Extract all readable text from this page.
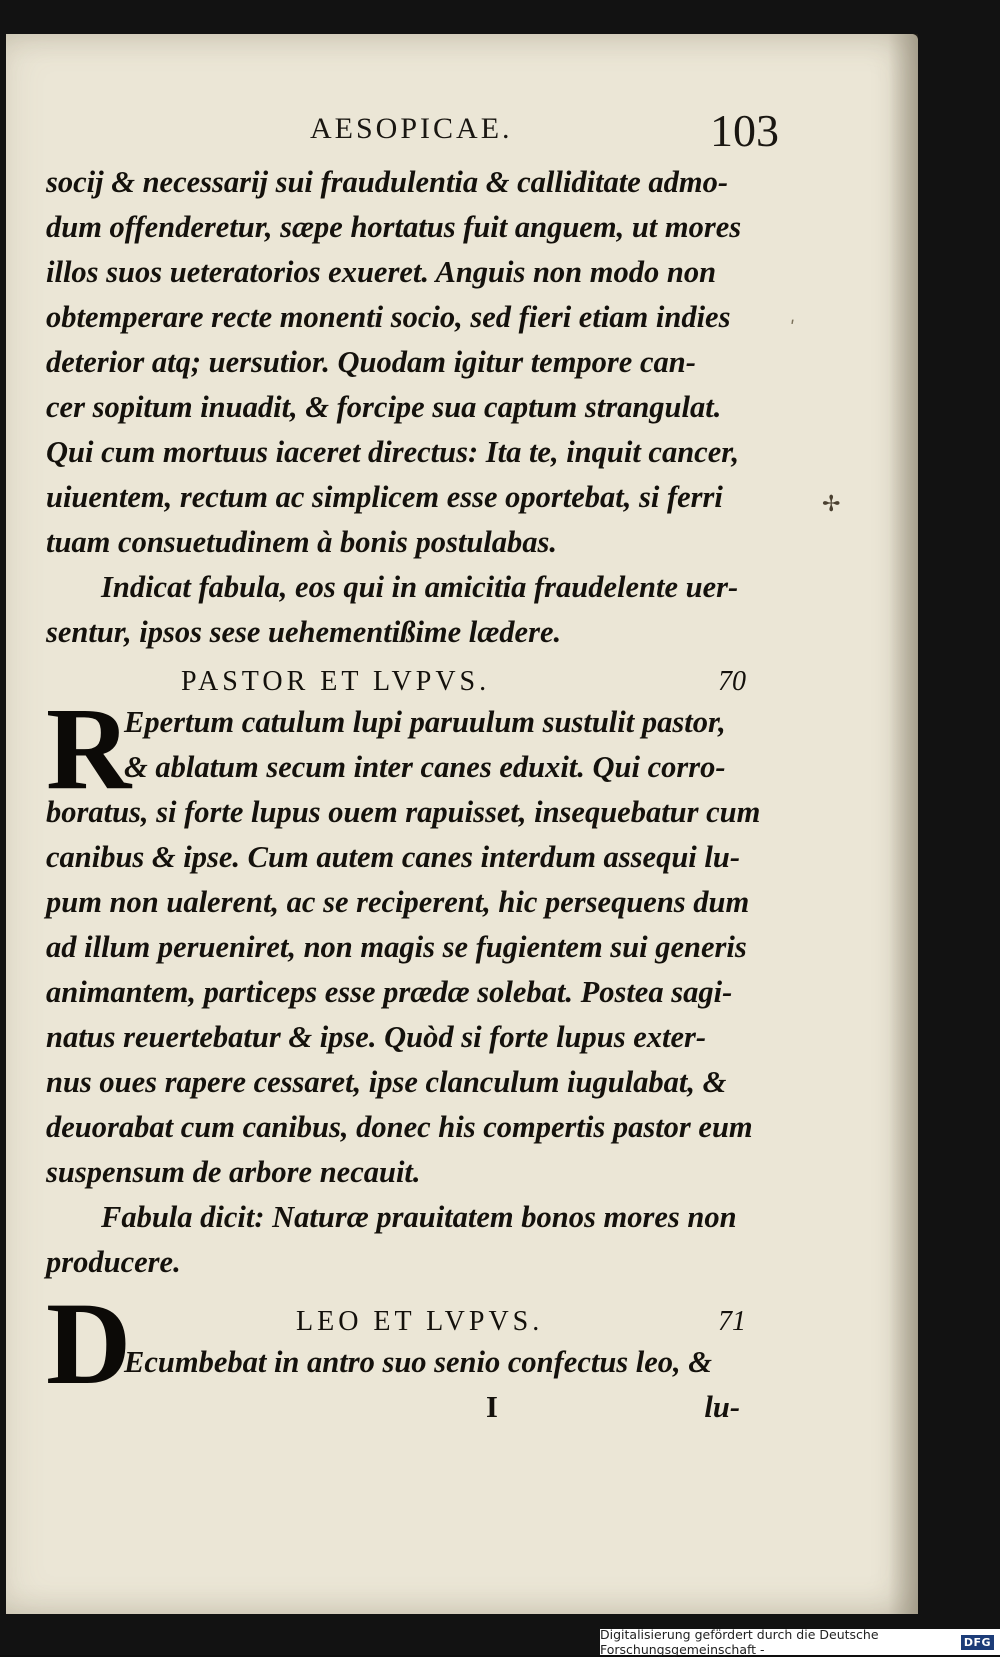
AESOPICAE.	103
ʹ
✢
socij & necessarij sui fraudulentia & calliditate admo-
dum offenderetur, sæpe hortatus fuit anguem, ut mores
illos suos ueteratorios exueret. Anguis non modo non
obtemperare recte monenti socio, sed fieri etiam indies
deterior atq; uersutior. Quodam igitur tempore can-
cer sopitum inuadit, & forcipe sua captum strangulat.
Qui cum mortuus iaceret directus: Ita te, inquit cancer,
uiuentem, rectum ac simplicem esse oportebat, si ferri
tuam consuetudinem à bonis postulabas.
Indicat fabula, eos qui in amicitia fraudelente uer-
sentur, ipsos sese uehementißime lædere.
PASTOR ET LVPVS.	70
R
Epertum catulum lupi paruulum sustulit pastor,
& ablatum secum inter canes eduxit. Qui corro-
boratus, si forte lupus ouem rapuisset, insequebatur cum
canibus & ipse. Cum autem canes interdum assequi lu-
pum non ualerent, ac se reciperent, hic persequens dum
ad illum perueniret, non magis se fugientem sui generis
animantem, particeps esse prædæ solebat. Postea sagi-
natus reuertebatur & ipse. Quòd si forte lupus exter-
nus oues rapere cessaret, ipse clanculum iugulabat, &
deuorabat cum canibus, donec his compertis pastor eum
suspensum de arbore necauit.
Fabula dicit: Naturæ prauitatem bonos mores non
producere.
D	LEO ET LVPVS.	71
Ecumbebat in antro suo senio confectus leo, &
I	lu-
Digitalisierung gefördert durch die Deutsche Forschungsgemeinschaft -	DFG
